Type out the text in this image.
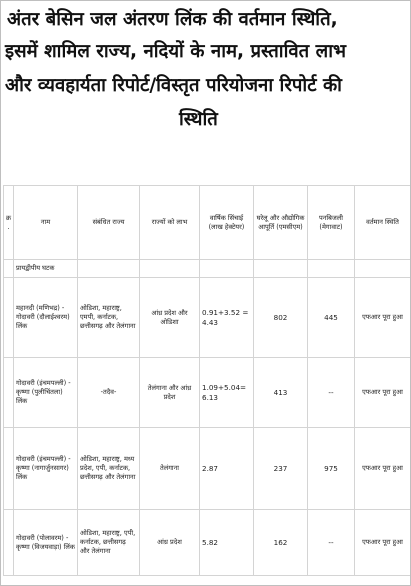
अंतर बेसिन जल अंतरण लिंक की वर्तमान स्थिति,
इसमें शामिल राज्य, नदियों के नाम, प्रस्तावित लाभ
और व्यवहार्यता रिपोर्ट/विस्तृत परियोजना रिपोर्ट की
स्थिति
क्र.	नाम	संबंधित राज्य	राज्यों को लाभ	वार्षिक सिंचाई (लाख हेक्टेयर)	घरेलू और औद्योगिक आपूर्ति (एमसीएम)	पनबिजली (मेगावाट)	वर्तमान स्थिति
	प्रायद्वीपीय घटक						
	महानदी (मणिभद्र) - गोदावरी (दौलाईश्वरम) लिंक	ओडिशा, महाराष्ट्र, एमपी, कर्नाटक, छत्तीसगढ़ और तेलंगाना	आंध्र प्रदेश और ओडिशा	0.91+3.52 = 4.43	802	445	एफआर पूरा हुआ
	गोदावरी (इंचमपल्ली) - कृष्णा (पुलीचिंतला) लिंक	-तदैव-	तेलंगाना और आंध्र प्रदेश	1.09+5.04= 6.13	413	--	एफआर पूरा हुआ
	गोदावरी (इंचमपल्ली) - कृष्णा (नागार्जुनसागर) लिंक	ओडिशा, महाराष्ट्र, मध्य प्रदेश, एपी, कर्नाटक, छत्तीसगढ़ और तेलंगाना	तेलंगाना	2.87	237	975	एफआर पूरा हुआ
	गोदावरी (पोलावरम) - कृष्णा (विजयवाड़ा) लिंक	ओडिशा, महाराष्ट्र, एपी, कर्नाटक, छत्तीसगढ़ और तेलंगाना	आंध्र प्रदेश	5.82	162	--	एफआर पूरा हुआ
